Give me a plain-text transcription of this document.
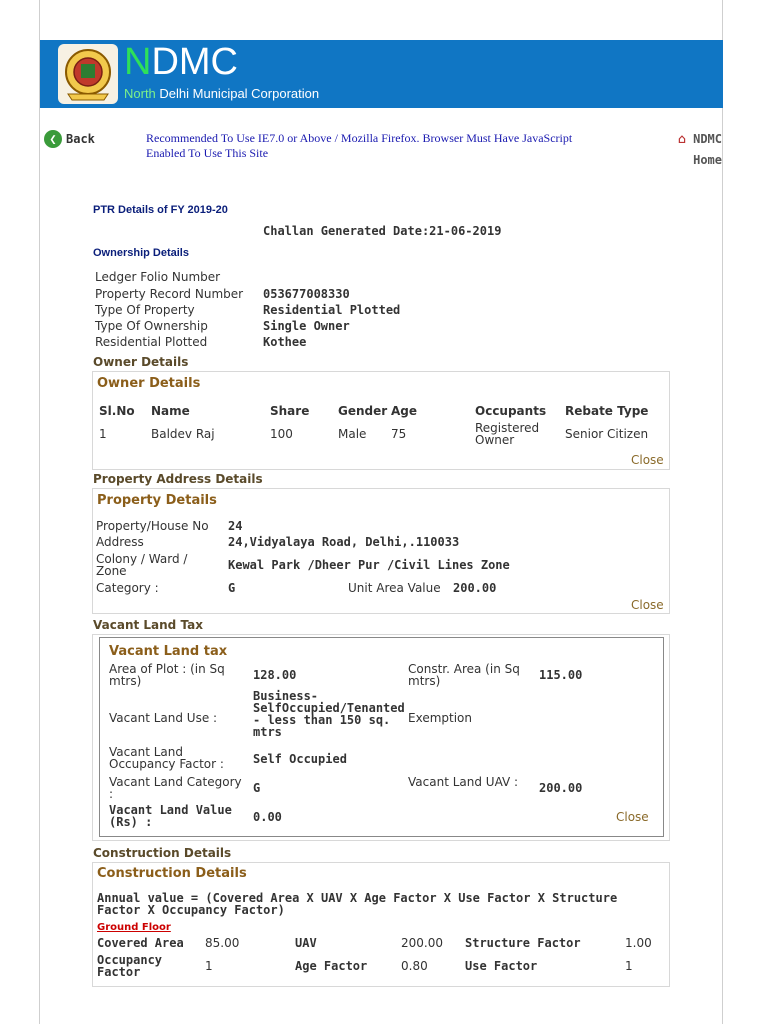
NDMC
North Delhi Municipal Corporation
❮ Back	Recommended To Use IE7.0 or Above / Mozilla Firefox. Browser Must Have JavaScript Enabled To Use This Site
⌂ NDMC
Home
PTR Details of FY 2019-20
Challan Generated Date:21-06-2019
Ownership Details
Ledger Folio Number
Property Record Number 053677008330
Type Of Property	Residential Plotted
Type Of Ownership	Single Owner
Residential Plotted	Kothee
Owner Details
Owner Details
Sl.No Name	Share Gender Age	Occupants Rebate Type
1	Baldev Raj	100	Male 75	Registered Owner	Senior Citizen
Close
Property Address Details
Property Details
Property/House No 24
Address	24,Vidyalaya Road, Delhi,.110033
Colony / Ward / Zone	Kewal Park /Dheer Pur /Civil Lines Zone
Category :	G	Unit Area Value 200.00
Close
Vacant Land Tax
Vacant Land tax
Area of Plot : (in Sq mtrs)	128.00	Constr. Area (in Sq mtrs)	115.00
Vacant Land Use :
Business-SelfOccupied/Tenanted - less than 150 sq. mtrs
Exemption
Vacant Land Occupancy Factor :	Self Occupied
Vacant Land Category :	G	Vacant Land UAV : 200.00
Vacant Land Value (Rs) :	0.00	Close
Construction Details
Construction Details
Annual value = (Covered Area X UAV X Age Factor X Use Factor X Structure Factor X Occupancy Factor)
Ground Floor
Covered Area 85.00	UAV	200.00 Structure Factor	1.00
Occupancy Factor	1	Age Factor	0.80	Use Factor	1
